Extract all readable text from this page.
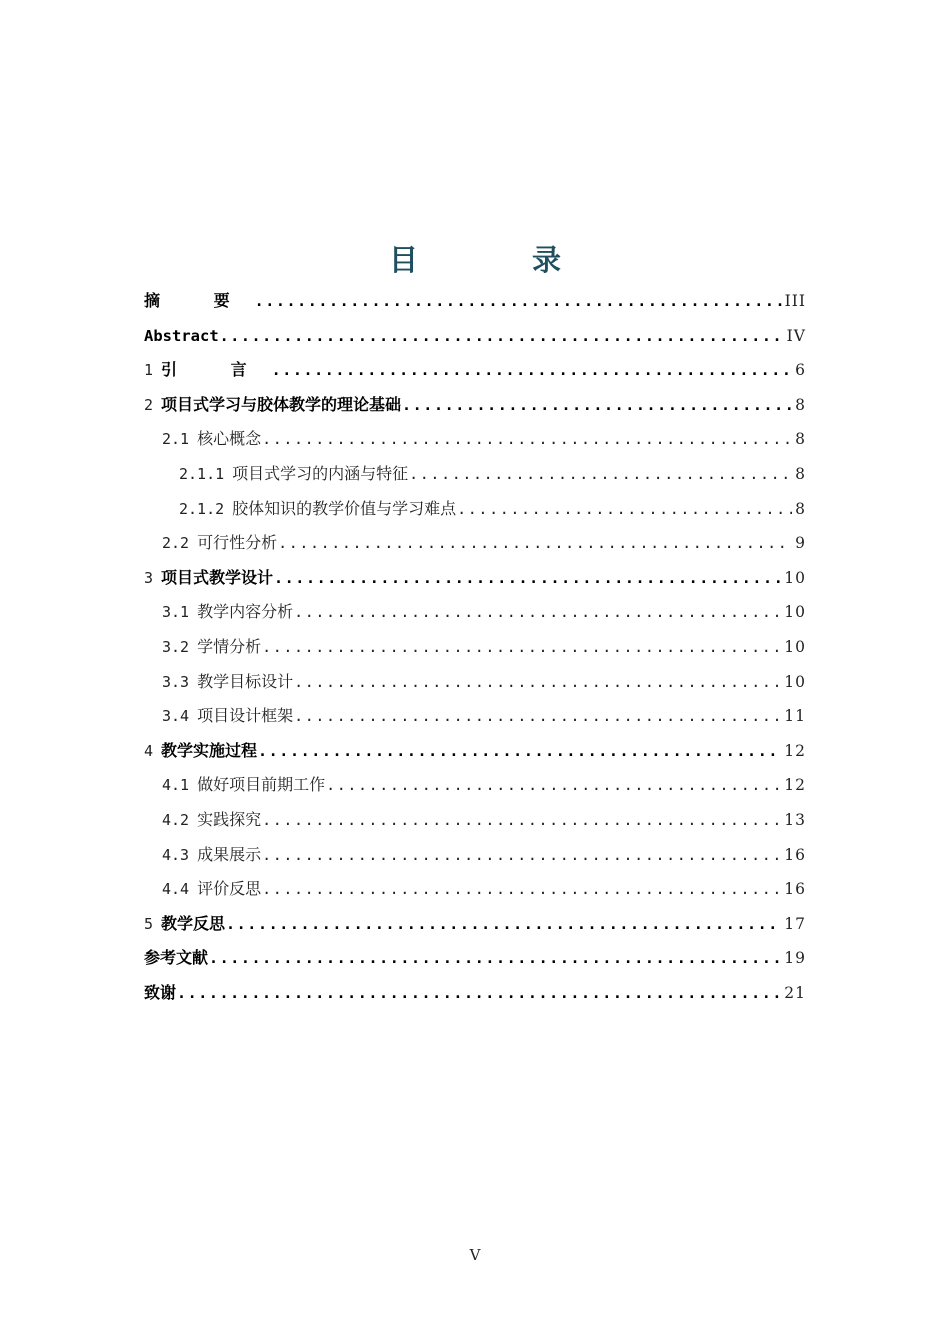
目 录
摘 要 .....	III
Abstract .....	IV
1 引 言 .....	6
2 项目式学习与胶体教学的理论基础 .....	8
2.1 核心概念 .....	8
2.1.1 项目式学习的内涵与特征 .....	8
2.1.2 胶体知识的教学价值与学习难点 .....	8
2.2 可行性分析 .....	9
3 项目式教学设计 .....	10
3.1 教学内容分析 .....	10
3.2 学情分析 .....	10
3.3 教学目标设计 .....	10
3.4 项目设计框架 .....	11
4 教学实施过程 .....	12
4.1 做好项目前期工作 .....	12
4.2 实践探究 .....	13
4.3 成果展示 .....	16
4.4 评价反思 .....	16
5 教学反思 .....	17
参考文献 .....	19
致谢 .....	21
V
